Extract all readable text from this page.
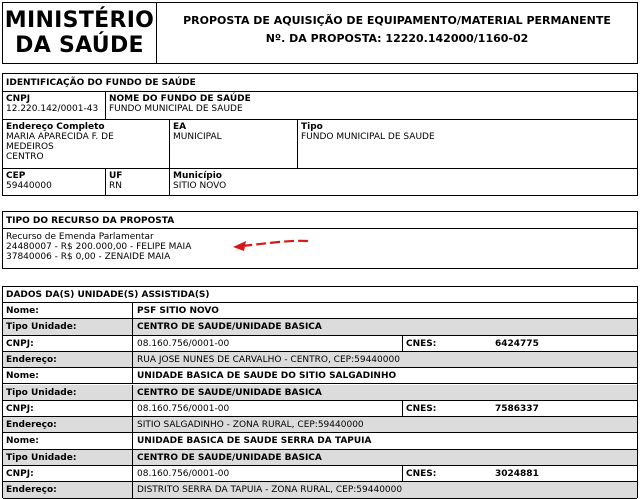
MINISTÉRIO
DA SAÚDE
PROPOSTA DE AQUISIÇÃO DE EQUIPAMENTO/MATERIAL PERMANENTE
Nº. DA PROPOSTA: 12220.142000/1160-02
IDENTIFICAÇÃO DO FUNDO DE SAÚDE
CNPJ
12.220.142/0001-43
NOME DO FUNDO DE SAÚDE
FUNDO MUNICIPAL DE SAUDE
Endereço Completo
MARIA APARECIDA F. DE
MEDEIROS
CENTRO
EA
MUNICIPAL
Tipo
FUNDO MUNICIPAL DE SAUDE
CEP
59440000
UF
RN
Município
SITIO NOVO
TIPO DO RECURSO DA PROPOSTA
Recurso de Emenda Parlamentar
24480007 - R$ 200.000,00 - FELIPE MAIA
37840006 - R$ 0,00 - ZENAIDE MAIA
DADOS DA(S) UNIDADE(S) ASSISTIDA(S)
Nome:	PSF SITIO NOVO
Tipo Unidade:	CENTRO DE SAUDE/UNIDADE BASICA
CNPJ:	08.160.756/0001-00	CNES:	6424775
Endereço:	RUA JOSE NUNES DE CARVALHO - CENTRO, CEP:59440000
Nome:	UNIDADE BASICA DE SAUDE DO SITIO SALGADINHO
Tipo Unidade:	CENTRO DE SAUDE/UNIDADE BASICA
CNPJ:	08.160.756/0001-00	CNES:	7586337
Endereço:	SITIO SALGADINHO - ZONA RURAL, CEP:59440000
Nome:	UNIDADE BASICA DE SAUDE SERRA DA TAPUIA
Tipo Unidade:	CENTRO DE SAUDE/UNIDADE BASICA
CNPJ:	08.160.756/0001-00	CNES:	3024881
Endereço:	DISTRITO SERRA DA TAPUIA - ZONA RURAL, CEP:59440000
